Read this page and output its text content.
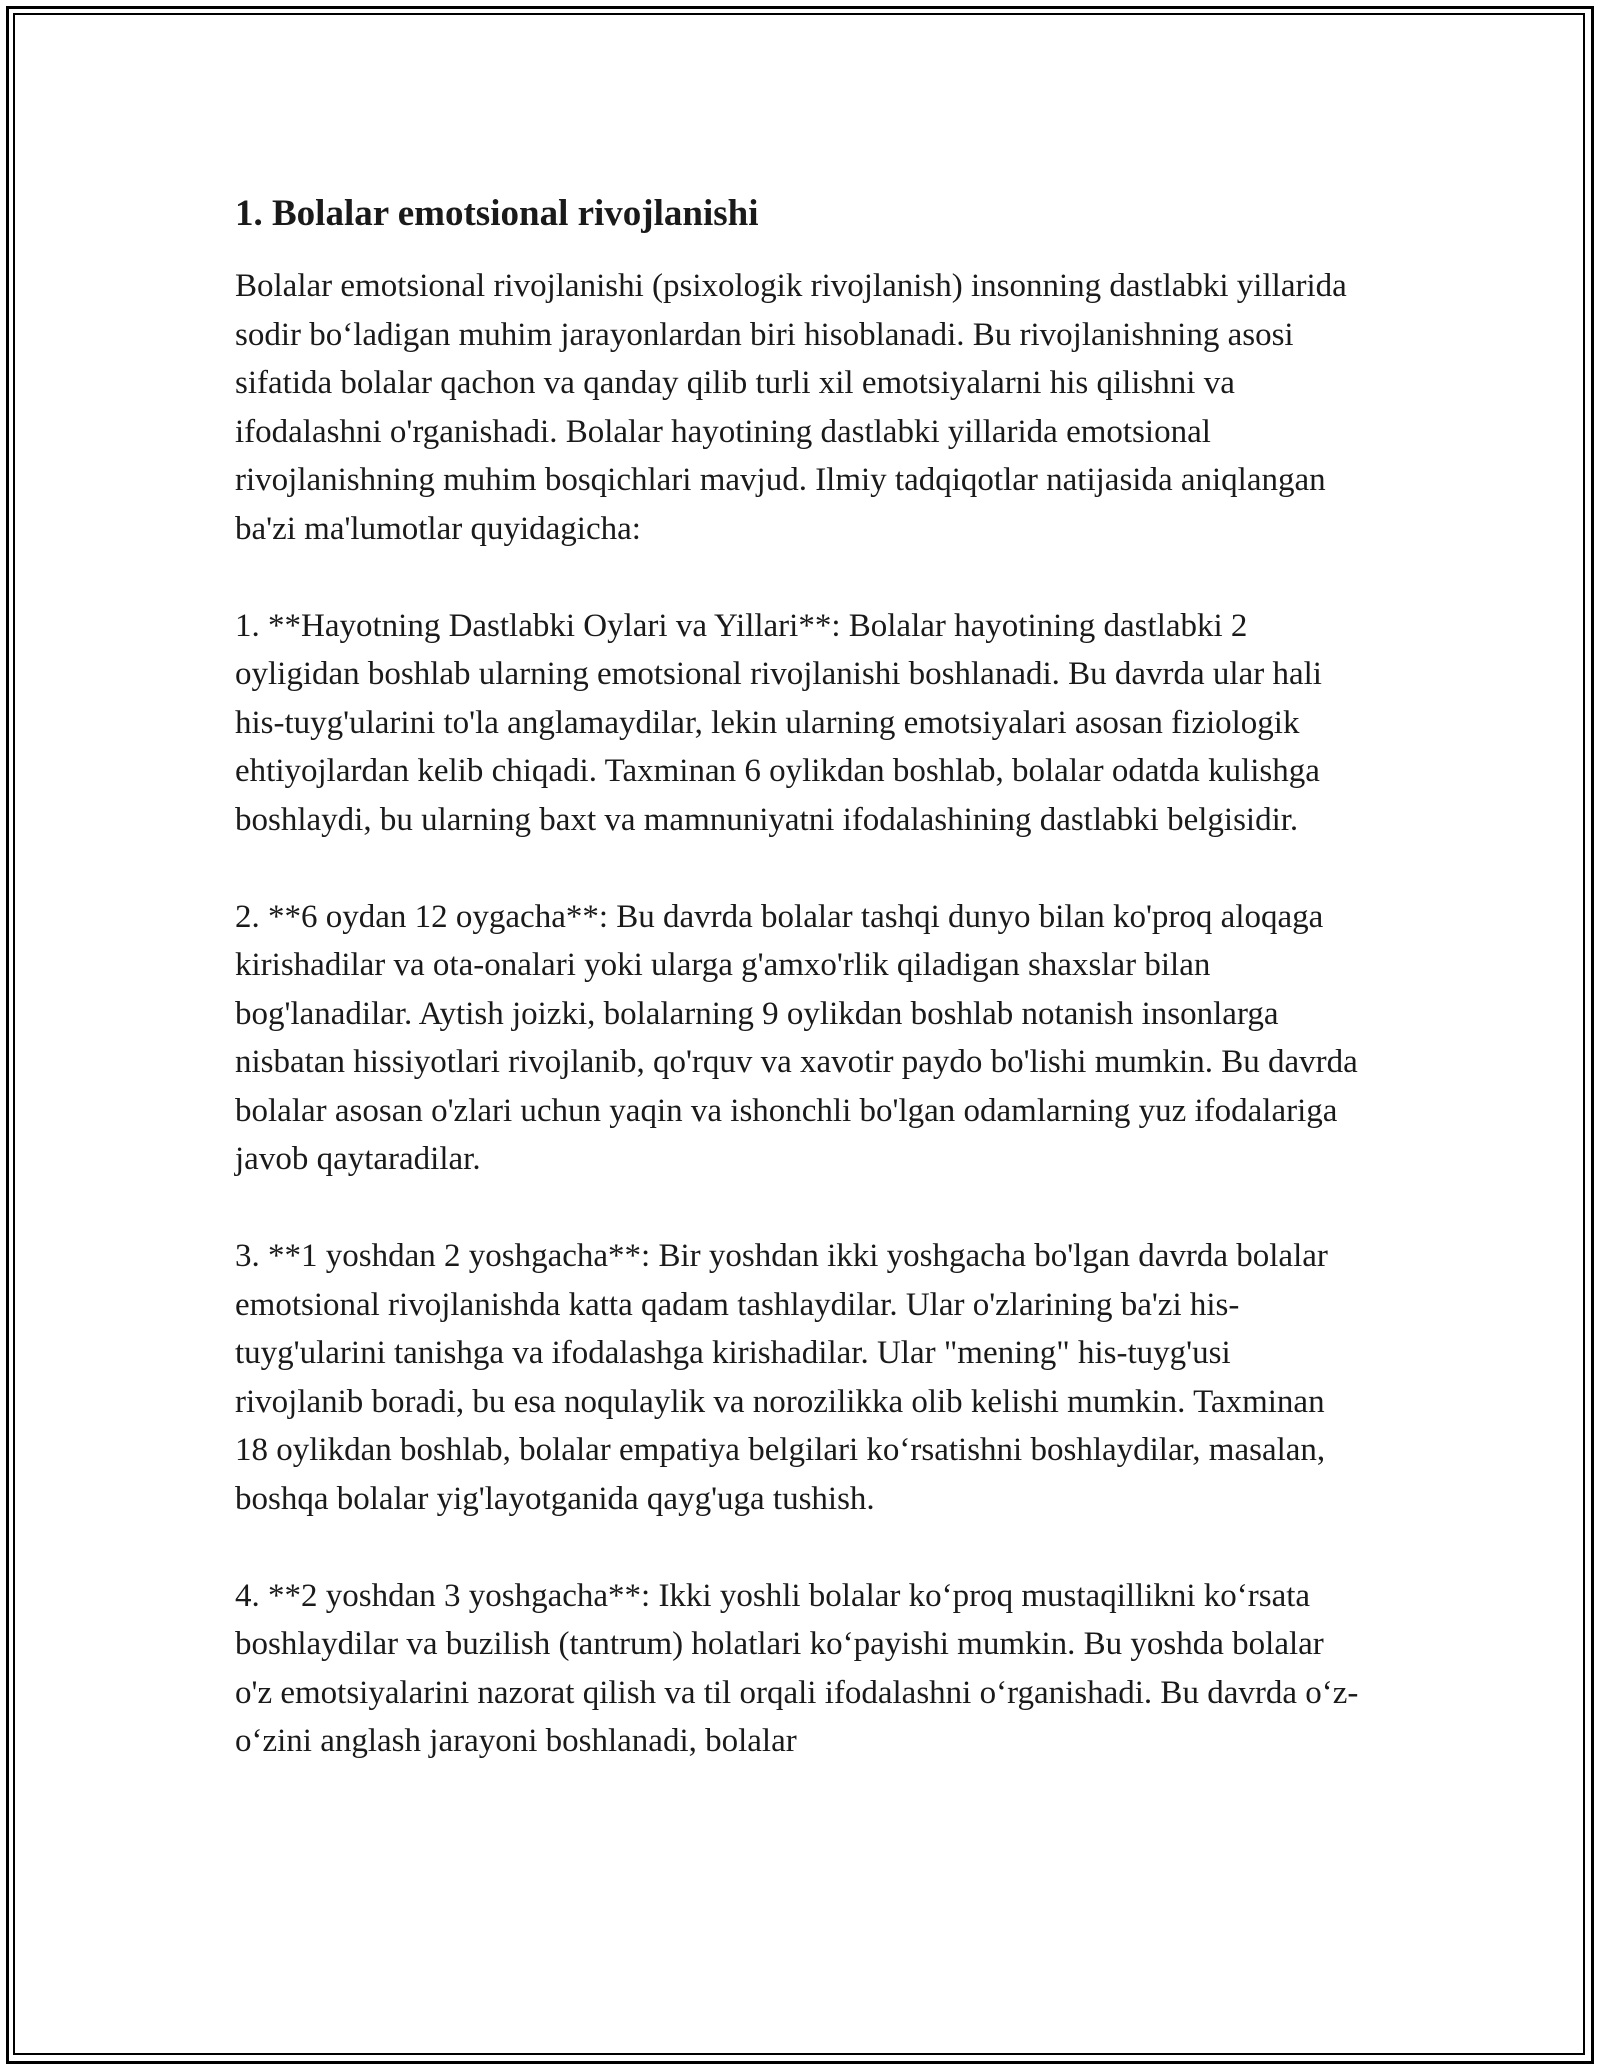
1. Bolalar emotsional rivojlanishi

Bolalar emotsional rivojlanishi (psixologik rivojlanish) insonning dastlabki yillarida sodir bo‘ladigan muhim jarayonlardan biri hisoblanadi. Bu rivojlanishning asosi sifatida bolalar qachon va qanday qilib turli xil emotsiyalarni his qilishni va ifodalashni o'rganishadi. Bolalar hayotining dastlabki yillarida emotsional rivojlanishning muhim bosqichlari mavjud. Ilmiy tadqiqotlar natijasida aniqlangan ba'zi ma'lumotlar quyidagicha:

1. **Hayotning Dastlabki Oylari va Yillari**: Bolalar hayotining dastlabki 2 oyligidan boshlab ularning emotsional rivojlanishi boshlanadi. Bu davrda ular hali his-tuyg'ularini to'la anglamaydilar, lekin ularning emotsiyalari asosan fiziologik ehtiyojlardan kelib chiqadi. Taxminan 6 oylikdan boshlab, bolalar odatda kulishga boshlaydi, bu ularning baxt va mamnuniyatni ifodalashining dastlabki belgisidir.

2. **6 oydan 12 oygacha**: Bu davrda bolalar tashqi dunyo bilan ko'proq aloqaga kirishadilar va ota-onalari yoki ularga g'amxo'rlik qiladigan shaxslar bilan bog'lanadilar. Aytish joizki, bolalarning 9 oylikdan boshlab notanish insonlarga nisbatan hissiyotlari rivojlanib, qo'rquv va xavotir paydo bo'lishi mumkin. Bu davrda bolalar asosan o'zlari uchun yaqin va ishonchli bo'lgan odamlarning yuz ifodalariga javob qaytaradilar.

3. **1 yoshdan 2 yoshgacha**: Bir yoshdan ikki yoshgacha bo'lgan davrda bolalar emotsional rivojlanishda katta qadam tashlaydilar. Ular o'zlarining ba'zi his-tuyg'ularini tanishga va ifodalashga kirishadilar. Ular "mening" his-tuyg'usi rivojlanib boradi, bu esa noqulaylik va norozilikka olib kelishi mumkin. Taxminan 18 oylikdan boshlab, bolalar empatiya belgilari ko‘rsatishni boshlaydilar, masalan, boshqa bolalar yig'layotganida qayg'uga tushish.

4. **2 yoshdan 3 yoshgacha**: Ikki yoshli bolalar ko‘proq mustaqillikni ko‘rsata boshlaydilar va buzilish (tantrum) holatlari ko‘payishi mumkin. Bu yoshda bolalar o'z emotsiyalarini nazorat qilish va til orqali ifodalashni o‘rganishadi. Bu davrda o‘z-o‘zini anglash jarayoni boshlanadi, bolalar
